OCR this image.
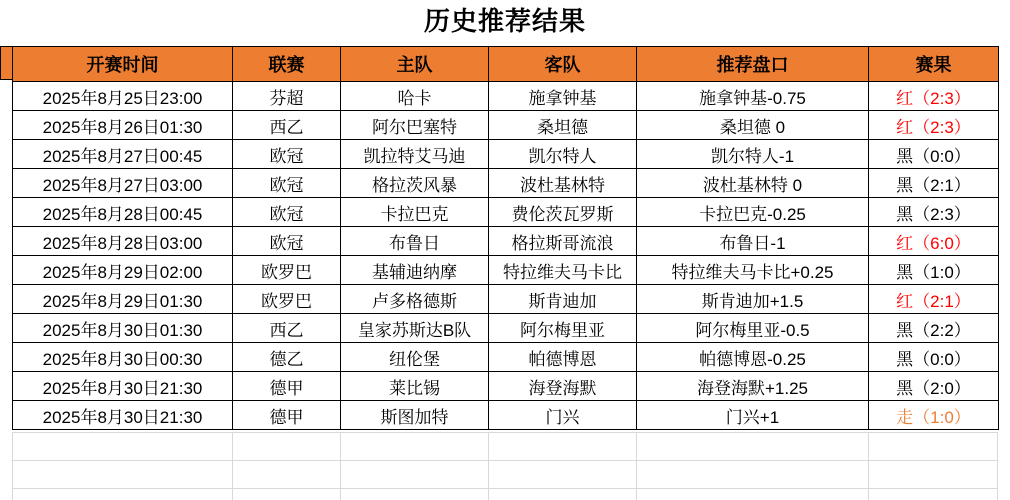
历史推荐结果
开赛时间	联赛	主队	客队	推荐盘口	赛果
2025年8月25日23:00	芬超	哈卡	施拿钟基	施拿钟基-0.75	红（2:3）
2025年8月26日01:30	西乙	阿尔巴塞特	桑坦德	桑坦德 0	红（2:3）
2025年8月27日00:45	欧冠	凯拉特艾马迪	凯尔特人	凯尔特人-1	黑（0:0）
2025年8月27日03:00	欧冠	格拉茨风暴	波杜基林特	波杜基林特 0	黑（2:1）
2025年8月28日00:45	欧冠	卡拉巴克	费伦茨瓦罗斯	卡拉巴克-0.25	黑（2:3）
2025年8月28日03:00	欧冠	布鲁日	格拉斯哥流浪	布鲁日-1	红（6:0）
2025年8月29日02:00	欧罗巴	基辅迪纳摩	特拉维夫马卡比	特拉维夫马卡比+0.25	黑（1:0）
2025年8月29日01:30	欧罗巴	卢多格德斯	斯肯迪加	斯肯迪加+1.5	红（2:1）
2025年8月30日01:30	西乙	皇家苏斯达B队	阿尔梅里亚	阿尔梅里亚-0.5	黑（2:2）
2025年8月30日00:30	德乙	纽伦堡	帕德博恩	帕德博恩-0.25	黑（0:0）
2025年8月30日21:30	德甲	莱比锡	海登海默	海登海默+1.25	黑（2:0）
2025年8月30日21:30	德甲	斯图加特	门兴	门兴+1	走（1:0）
